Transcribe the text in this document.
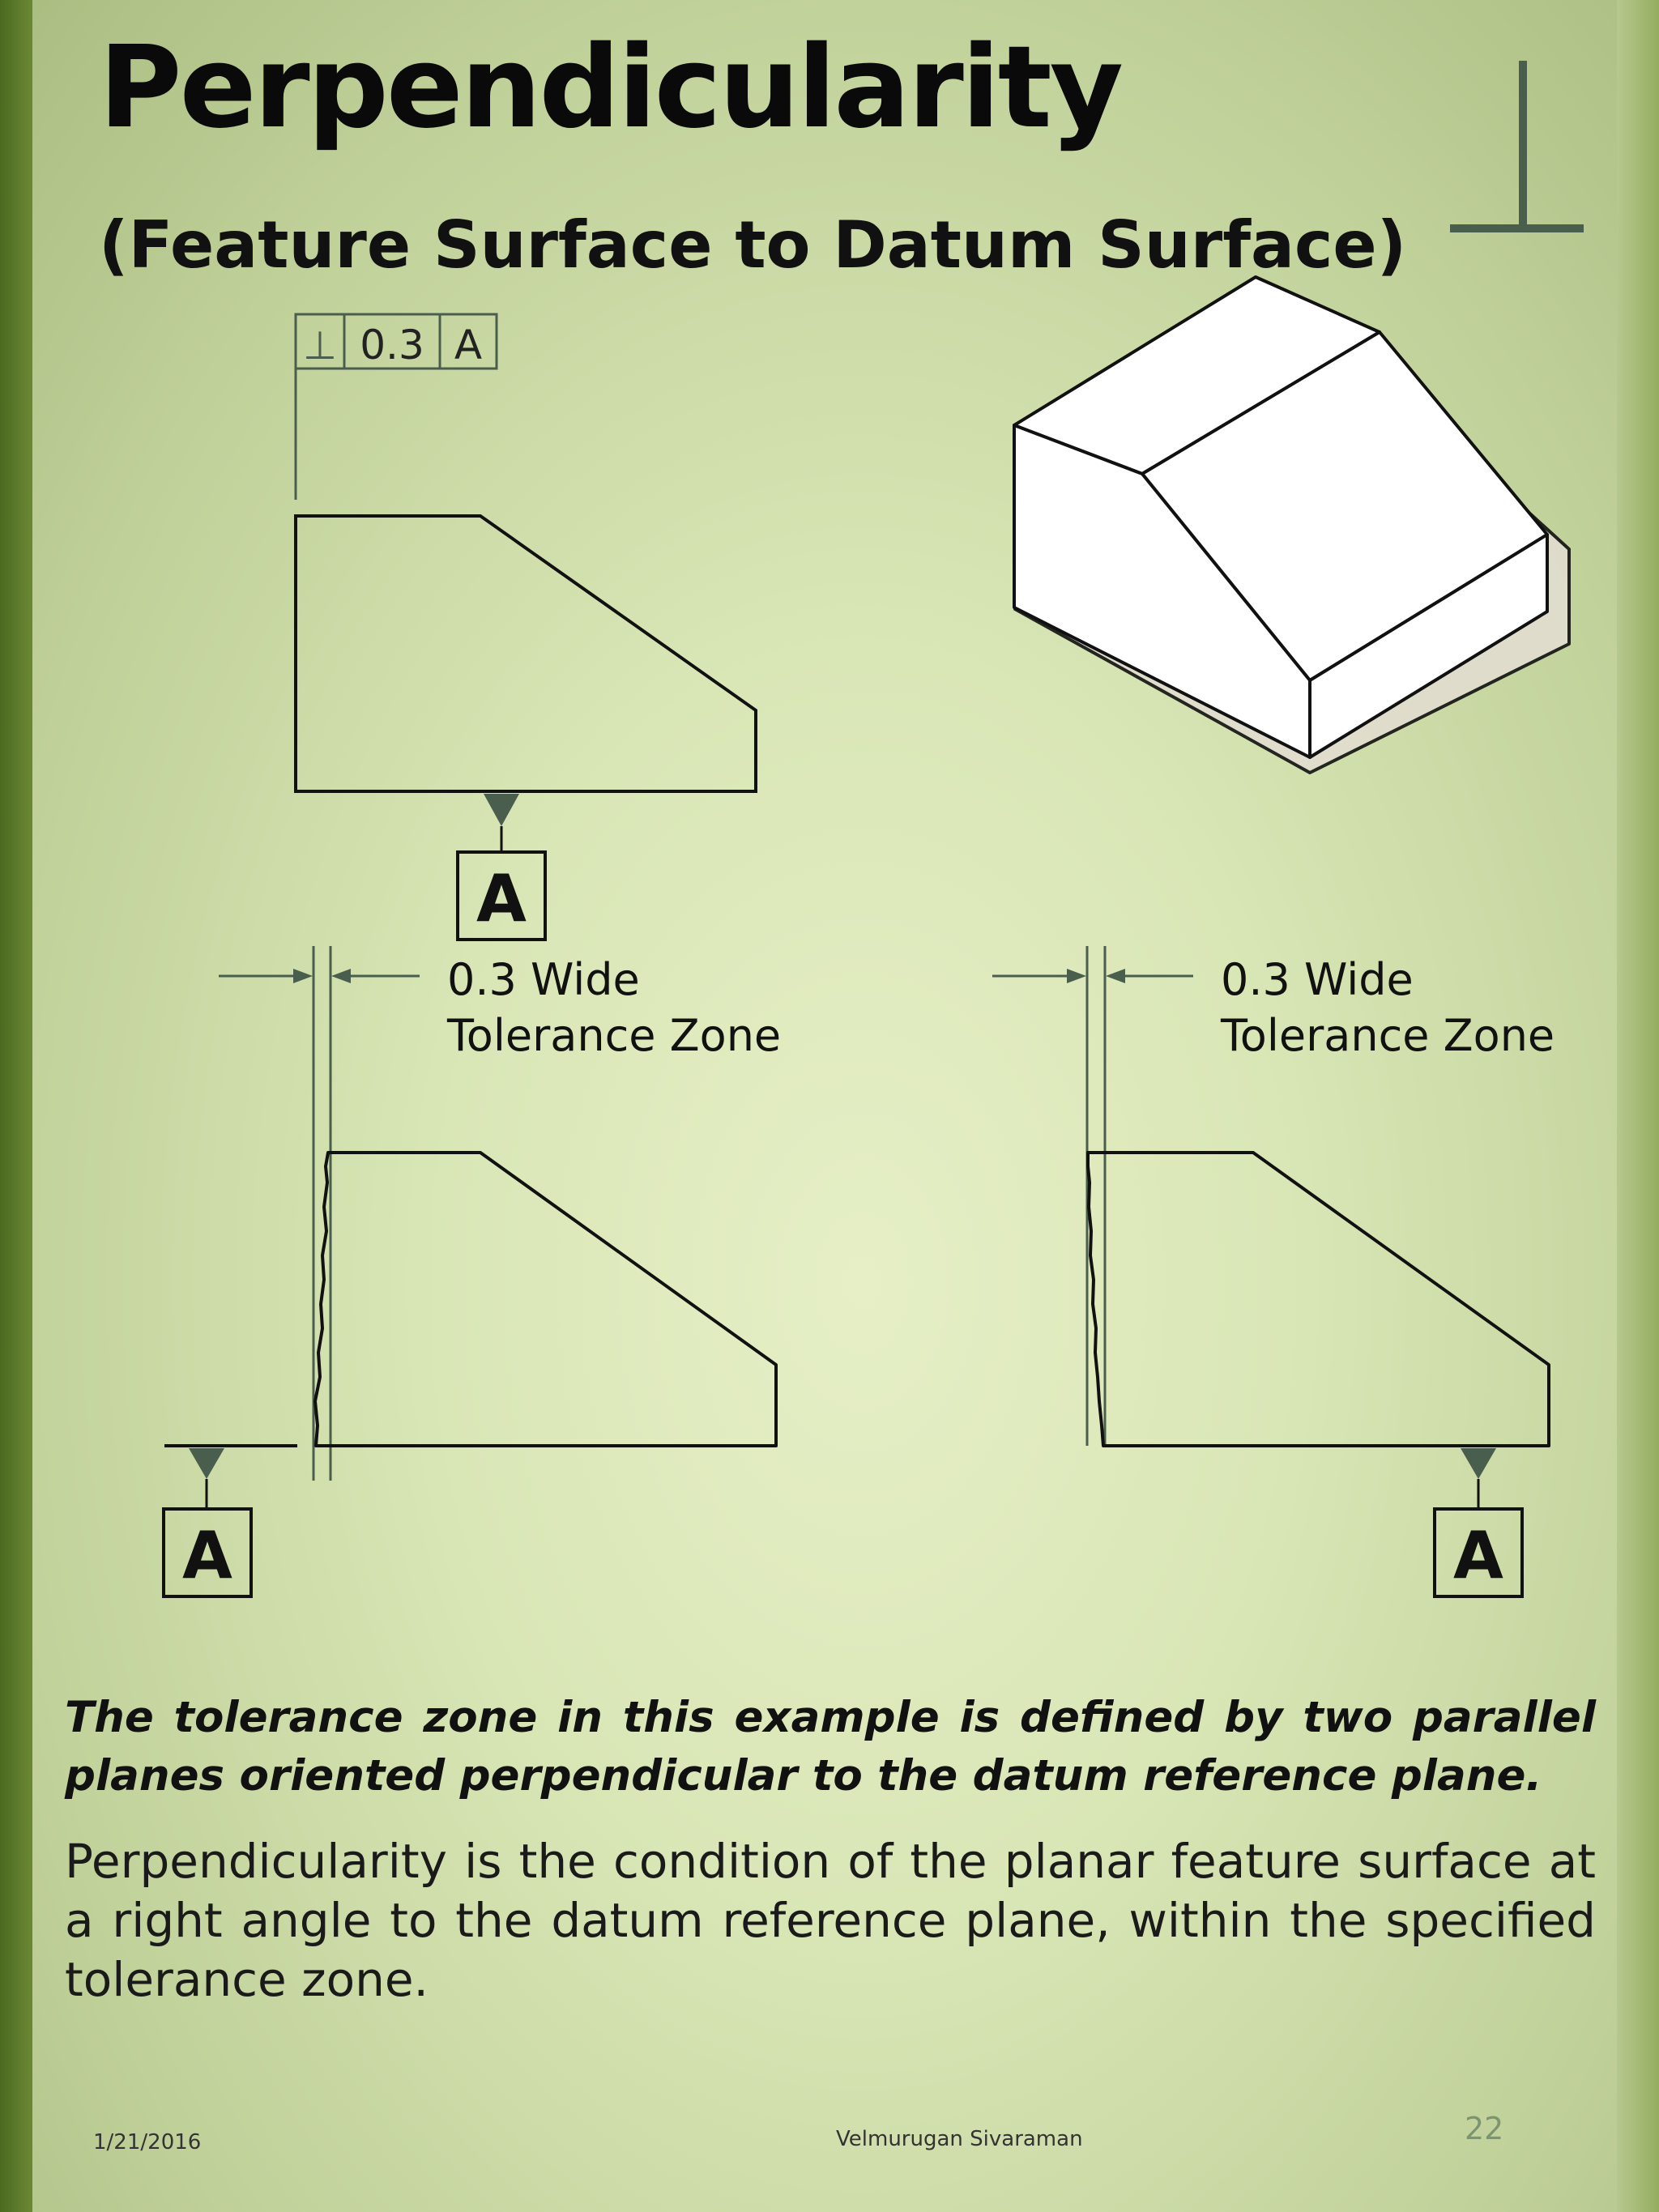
Perpendicularity
(Feature Surface to Datum Surface)
⊥ 0.3 A
A
0.3 Wide
Tolerance Zone
A
0.3 Wide
Tolerance Zone
A

The tolerance zone in this example is defined by two parallel planes oriented perpendicular to the datum reference plane.

Perpendicularity is the condition of the planar feature surface at a right angle to the datum reference plane, within the specified tolerance zone.

1/21/2016	Velmurugan Sivaraman	22
